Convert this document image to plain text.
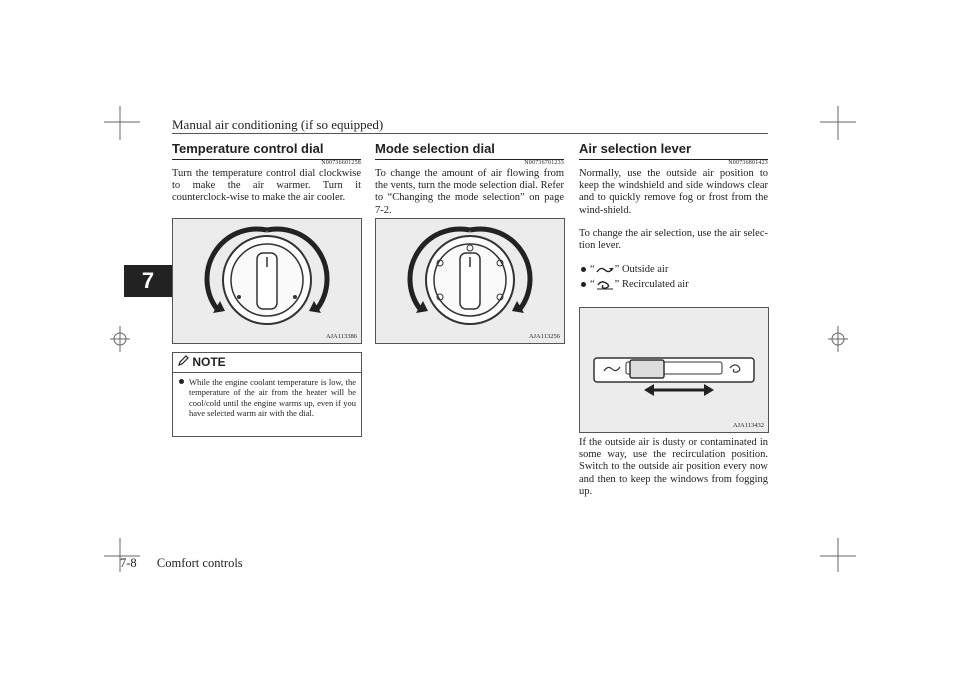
Manual air conditioning (if so equipped)
7
Temperature control dial
N00736601258
Turn the temperature control dial clockwise to make the air warmer. Turn it counterclock-wise to make the air cooler.
AJA113386
NOTE
While the engine coolant temperature is low, the temperature of the air from the heater will be cool/cold until the engine warms up, even if you have selected warm air with the dial.
Mode selection dial
N00736701233
To change the amount of air flowing from the vents, turn the mode selection dial. Refer to “Changing the mode selection” on page 7-2.
AJA113256
Air selection lever
N00736801423
Normally, use the outside air position to keep the windshield and side windows clear and to quickly remove fog or frost from the wind-shield.
To change the air selection, use the air selec-tion lever.
“ ” Outside air
“ ” Recirculated air
AJA113432
If the outside air is dusty or contaminated in some way, use the recirculation position. Switch to the outside air position every now and then to keep the windows from fogging up.
7-8 Comfort controls
